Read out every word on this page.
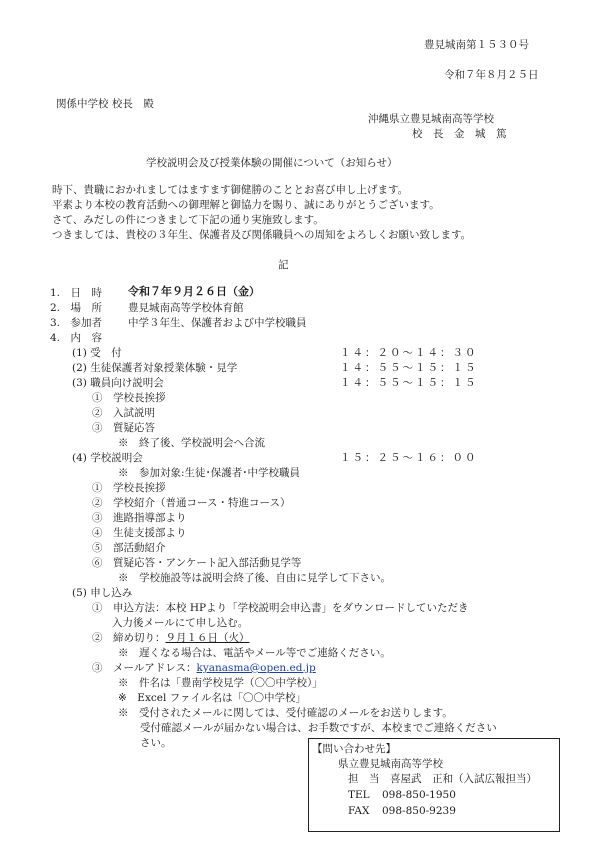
豊見城南第１５３０号
令和７年８月２５日
関係中学校 校長　殿
沖縄県立豊見城南高等学校
校　長　金　城　篤
学校説明会及び授業体験の開催について（お知らせ）
時下、貴職におかれましてはますます御健勝のこととお喜び申し上げます。
平素より本校の教育活動への御理解と御協力を賜り、誠にありがとうございます。
さて、みだしの件につきまして下記の通り実施致します。
つきましては、貴校の３年生、保護者及び関係職員への周知をよろしくお願い致します。
記
1.　日　時 令和７年９月２６日（金）
2.　場　所 豊見城南高等学校体育館
3.　参加者 中学３年生、保護者および中学校職員
4.　内　容
(1) 受　付	１４：２０～１４：３０
(2) 生徒保護者対象授業体験・見学	１４：５５～１５：１５
(3) 職員向け説明会	１４：５５～１５：１５
①　学校長挨拶
②　入試説明
③　質疑応答
※　終了後、学校説明会へ合流
(4) 学校説明会	１５：２５～１６：００
※　参加対象:生徒･保護者･中学校職員
①　学校長挨拶
②　学校紹介（普通コース・特進コース）
③　進路指導部より
④　生徒支援部より
⑤　部活動紹介
⑥　質疑応答・アンケート記入部活動見学等
※　学校施設等は説明会終了後、自由に見学して下さい。
(5) 申し込み
①　申込方法：本校 HPより「学校説明会申込書」をダウンロードしていただき
入力後メールにて申し込む。
②　締め切り：９月１６日（火）
※　遅くなる場合は、電話やメール等でご連絡ください。
③　メールアドレス：kyanasma@open.ed.jp
※　件名は「豊南学校見学（〇〇中学校）」
※　Excel ファイル名は「〇〇中学校」
※　受付されたメールに関しては、受付確認のメールをお送りします。
受付確認メールが届かない場合は、お手数ですが、本校までご連絡ください
さい。	【問い合わせ先】
県立豊見城南高等学校
担　当　喜屋武　正和（入試広報担当）
TEL 098-850-1950
FAX 098-850-9239
